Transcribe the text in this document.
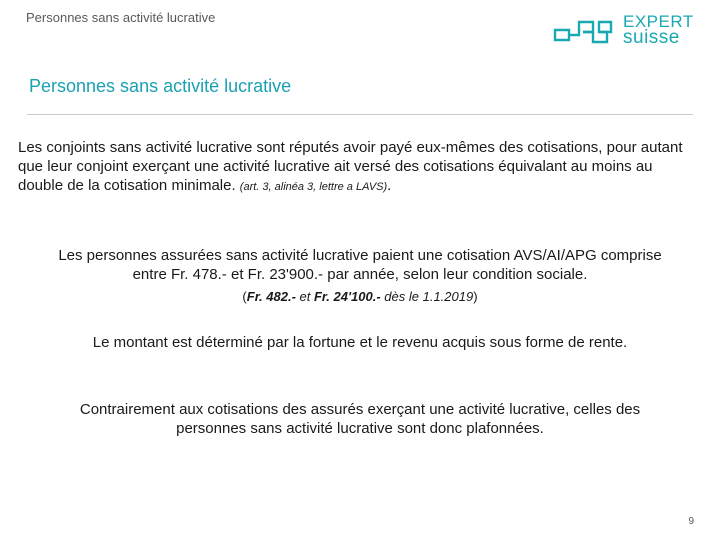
Personnes sans activité lucrative	EXPERT
suisse
Personnes sans activité lucrative
Les conjoints sans activité lucrative sont réputés avoir payé eux-mêmes des cotisations, pour autant que leur conjoint exerçant une activité lucrative ait versé des cotisations équivalant au moins au double de la cotisation minimale. (art. 3, alinéa 3, lettre a LAVS).
Les personnes assurées sans activité lucrative paient une cotisation AVS/AI/APG comprise
entre Fr. 478.- et Fr. 23'900.- par année, selon leur condition sociale.
(Fr. 482.- et Fr. 24'100.- dès le 1.1.2019)
Le montant est déterminé par la fortune et le revenu acquis sous forme de rente.
Contrairement aux cotisations des assurés exerçant une activité lucrative, celles des
personnes sans activité lucrative sont donc plafonnées.
9
